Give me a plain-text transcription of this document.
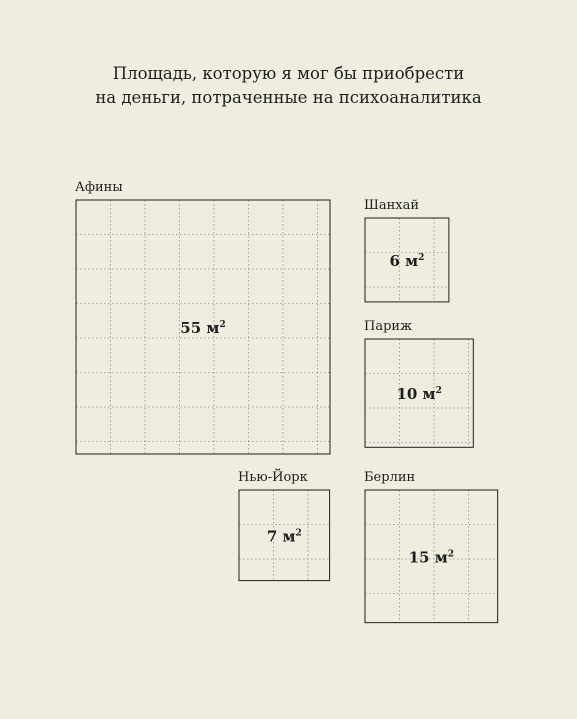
Площадь, которую я мог бы приобрести
на деньги, потраченные на психоаналитика
Афины
55 $м^2$
Шанхай
6 $м^2$
Париж
10 $м^2$
Нью-Йорк
7 $м^2$
Берлин
15 $м^2$
